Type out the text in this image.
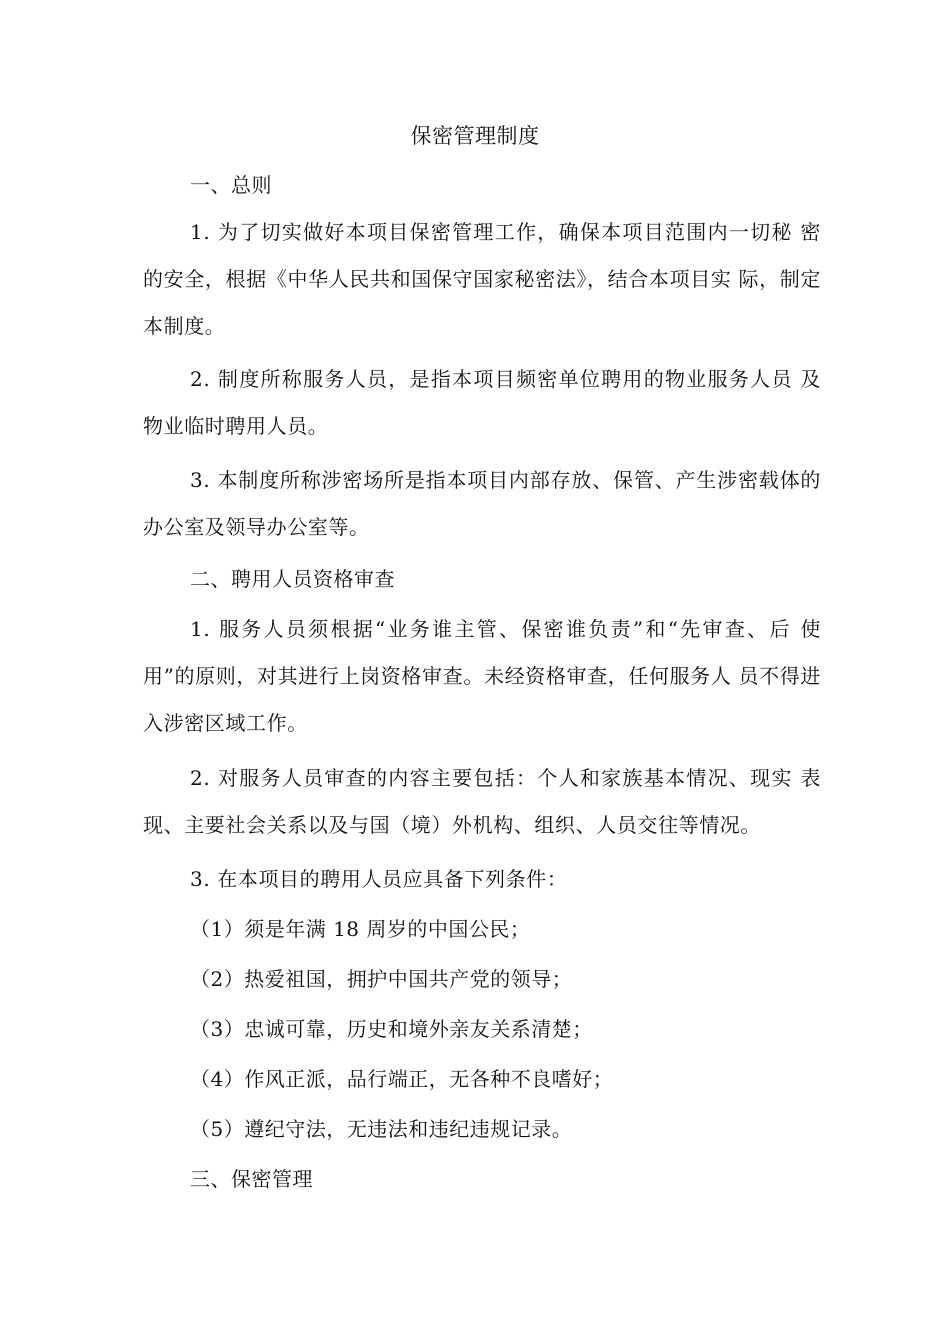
保密管理制度
一、总则
1. 为了切实做好本项目保密管理工作，确保本项目范围内一切秘 密的安全，根据《中华人民共和国保守国家秘密法》，结合本项目实 际，制定本制度。
2. 制度所称服务人员，是指本项目频密单位聘用的物业服务人员 及物业临时聘用人员。
3. 本制度所称涉密场所是指本项目内部存放、保管、产生涉密载体的办公室及领导办公室等。
二、聘用人员资格审查
1. 服务人员须根据“业务谁主管、保密谁负责”和“先审查、后 使用”的原则，对其进行上岗资格审查。未经资格审查，任何服务人 员不得进入涉密区域工作。
2. 对服务人员审查的内容主要包括：个人和家族基本情况、现实 表现、主要社会关系以及与国（境）外机构、组织、人员交往等情况。
3. 在本项目的聘用人员应具备下列条件：
（1）须是年满 18 周岁的中国公民；
（2）热爱祖国，拥护中国共产党的领导；
（3）忠诚可靠，历史和境外亲友关系清楚；
（4）作风正派，品行端正，无各种不良嗜好；
（5）遵纪守法，无违法和违纪违规记录。
三、保密管理
